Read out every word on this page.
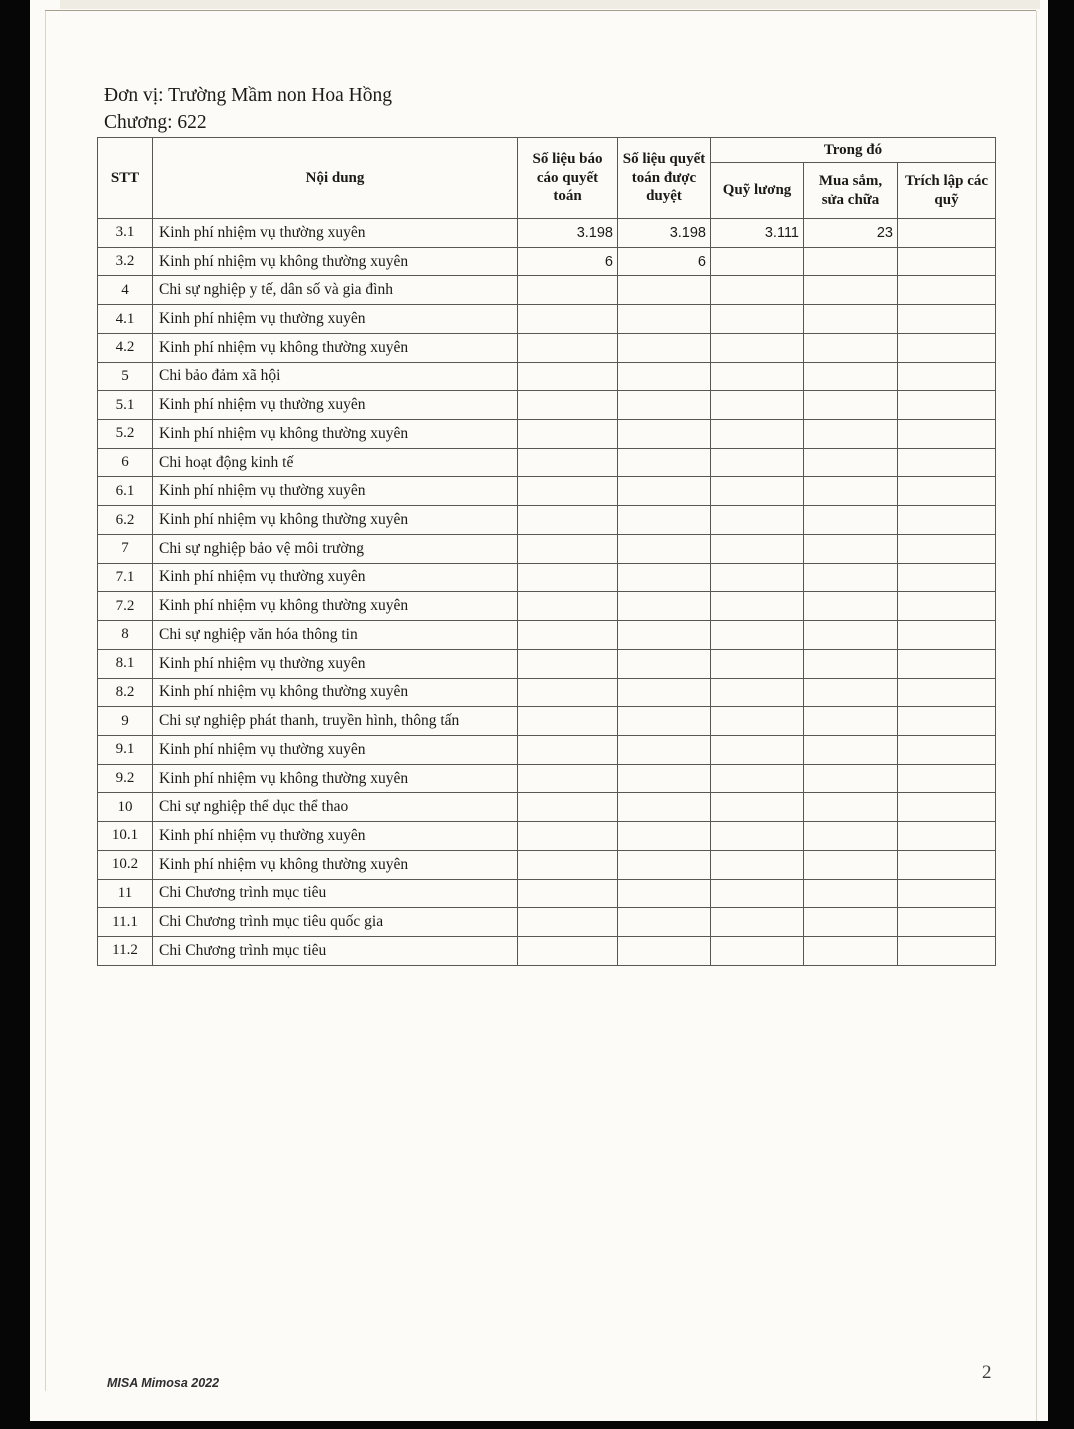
Đơn vị: Trường Mầm non Hoa Hồng
Chương: 622
STT	Nội dung	Số liệu báo cáo quyết toán	Số liệu quyết toán được duyệt	Trong đó		
				Quỹ lương	Mua sắm, sửa chữa	Trích lập các quỹ
3.1	Kinh phí nhiệm vụ thường xuyên	3.198	3.198	3.111	23	
3.2	Kinh phí nhiệm vụ không thường xuyên	6	6			
4	Chi sự nghiệp y tế, dân số và gia đình					
4.1	Kinh phí nhiệm vụ thường xuyên					
4.2	Kinh phí nhiệm vụ không thường xuyên					
5	Chi bảo đảm xã hội					
5.1	Kinh phí nhiệm vụ thường xuyên					
5.2	Kinh phí nhiệm vụ không thường xuyên					
6	Chi hoạt động kinh tế					
6.1	Kinh phí nhiệm vụ thường xuyên					
6.2	Kinh phí nhiệm vụ không thường xuyên					
7	Chi sự nghiệp bảo vệ môi trường					
7.1	Kinh phí nhiệm vụ thường xuyên					
7.2	Kinh phí nhiệm vụ không thường xuyên					
8	Chi sự nghiệp văn hóa thông tin					
8.1	Kinh phí nhiệm vụ thường xuyên					
8.2	Kinh phí nhiệm vụ không thường xuyên					
9	Chi sự nghiệp phát thanh, truyền hình, thông tấn					
9.1	Kinh phí nhiệm vụ thường xuyên					
9.2	Kinh phí nhiệm vụ không thường xuyên					
10	Chi sự nghiệp thể dục thể thao					
10.1	Kinh phí nhiệm vụ thường xuyên					
10.2	Kinh phí nhiệm vụ không thường xuyên					
11	Chi Chương trình mục tiêu					
11.1	Chi Chương trình mục tiêu quốc gia					
11.2	Chi Chương trình mục tiêu					
MISA Mimosa 2022	2
